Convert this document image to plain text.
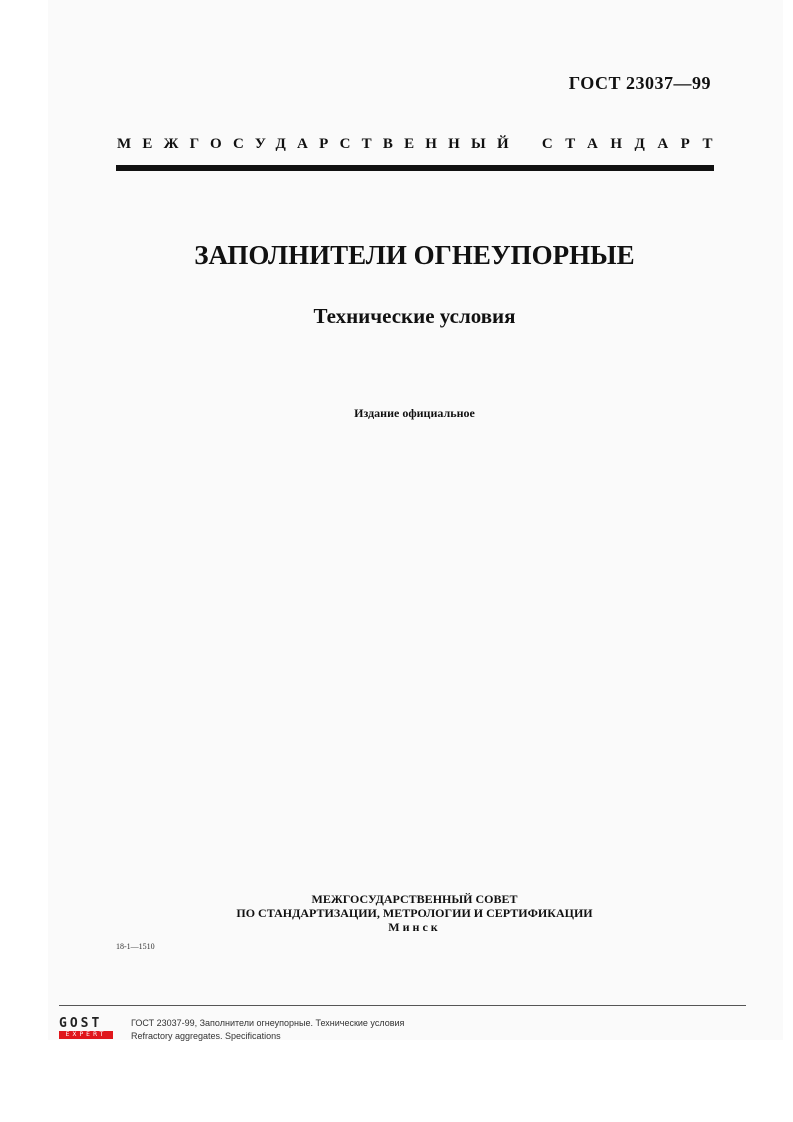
ГОСТ 23037—99
МЕЖГОСУДАРСТВЕННЫЙ СТАНДАРТ
ЗАПОЛНИТЕЛИ ОГНЕУПОРНЫЕ
Технические условия
Издание официальное
МЕЖГОСУДАРСТВЕННЫЙ СОВЕТ
ПО СТАНДАРТИЗАЦИИ, МЕТРОЛОГИИ И СЕРТИФИКАЦИИ
Минск
18-1—1510
GOST
EXPERT
ГОСТ 23037-99, Заполнители огнеупорные. Технические условия
Refractory aggregates. Specifications
